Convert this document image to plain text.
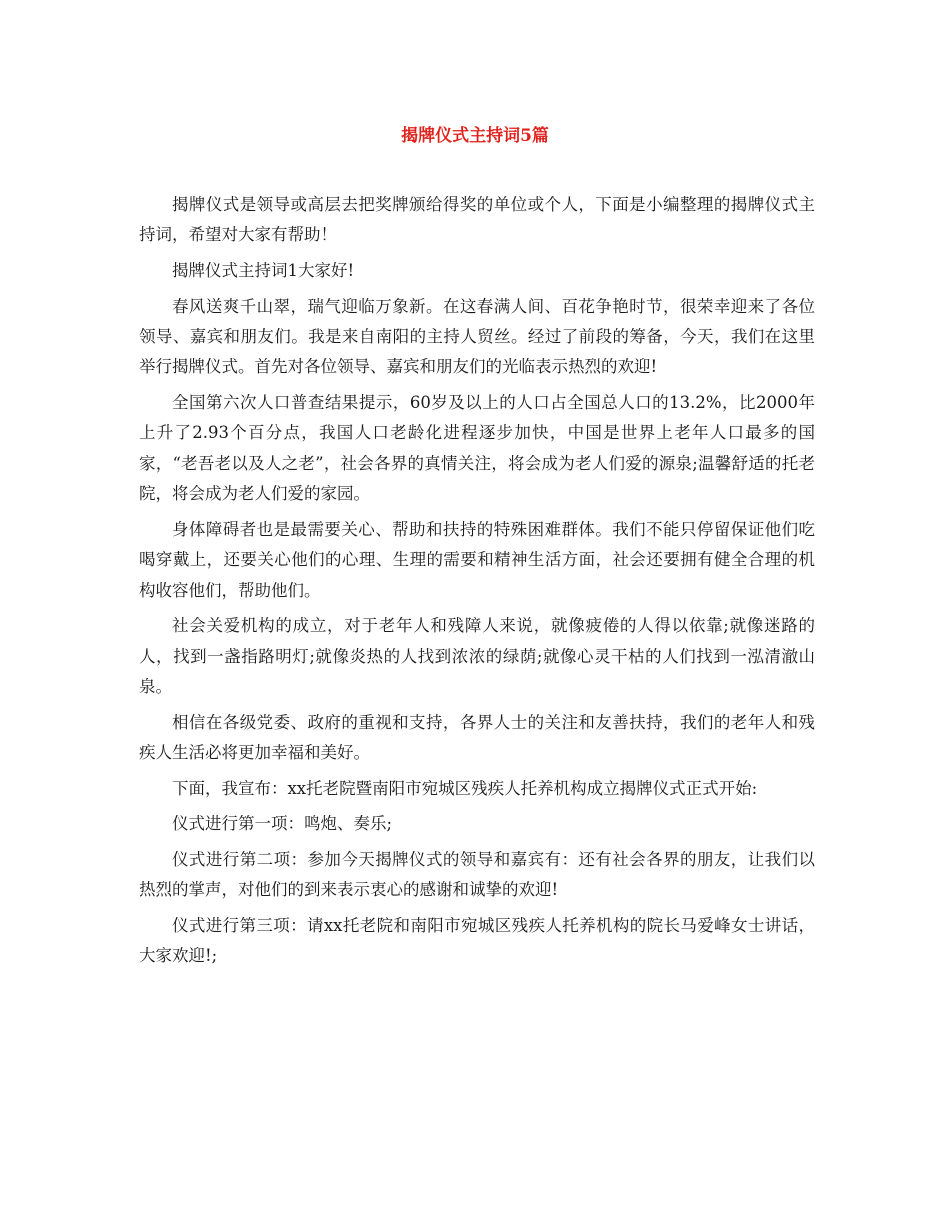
揭牌仪式主持词5篇

揭牌仪式是领导或高层去把奖牌颁给得奖的单位或个人，下面是小编整理的揭牌仪式主持词，希望对大家有帮助！

揭牌仪式主持词1大家好!

春风送爽千山翠，瑞气迎临万象新。在这春满人间、百花争艳时节，很荣幸迎来了各位领导、嘉宾和朋友们。我是来自南阳的主持人贸丝。经过了前段的筹备，今天，我们在这里举行揭牌仪式。首先对各位领导、嘉宾和朋友们的光临表示热烈的欢迎!

全国第六次人口普查结果提示，60岁及以上的人口占全国总人口的13.2%，比2000年上升了2.93个百分点，我国人口老龄化进程逐步加快，中国是世界上老年人口最多的国家，“老吾老以及人之老”，社会各界的真情关注，将会成为老人们爱的源泉;温馨舒适的托老院，将会成为老人们爱的家园。

身体障碍者也是最需要关心、帮助和扶持的特殊困难群体。我们不能只停留保证他们吃喝穿戴上，还要关心他们的心理、生理的需要和精神生活方面，社会还要拥有健全合理的机构收容他们，帮助他们。

社会关爱机构的成立，对于老年人和残障人来说，就像疲倦的人得以依靠;就像迷路的人，找到一盏指路明灯;就像炎热的人找到浓浓的绿荫;就像心灵干枯的人们找到一泓清澈山泉。

相信在各级党委、政府的重视和支持，各界人士的关注和友善扶持，我们的老年人和残疾人生活必将更加幸福和美好。

下面，我宣布：xx托老院暨南阳市宛城区残疾人托养机构成立揭牌仪式正式开始:

仪式进行第一项：鸣炮、奏乐;

仪式进行第二项：参加今天揭牌仪式的领导和嘉宾有：还有社会各界的朋友，让我们以热烈的掌声，对他们的到来表示衷心的感谢和诚挚的欢迎!

仪式进行第三项：请xx托老院和南阳市宛城区残疾人托养机构的院长马爱峰女士讲话，大家欢迎!;
